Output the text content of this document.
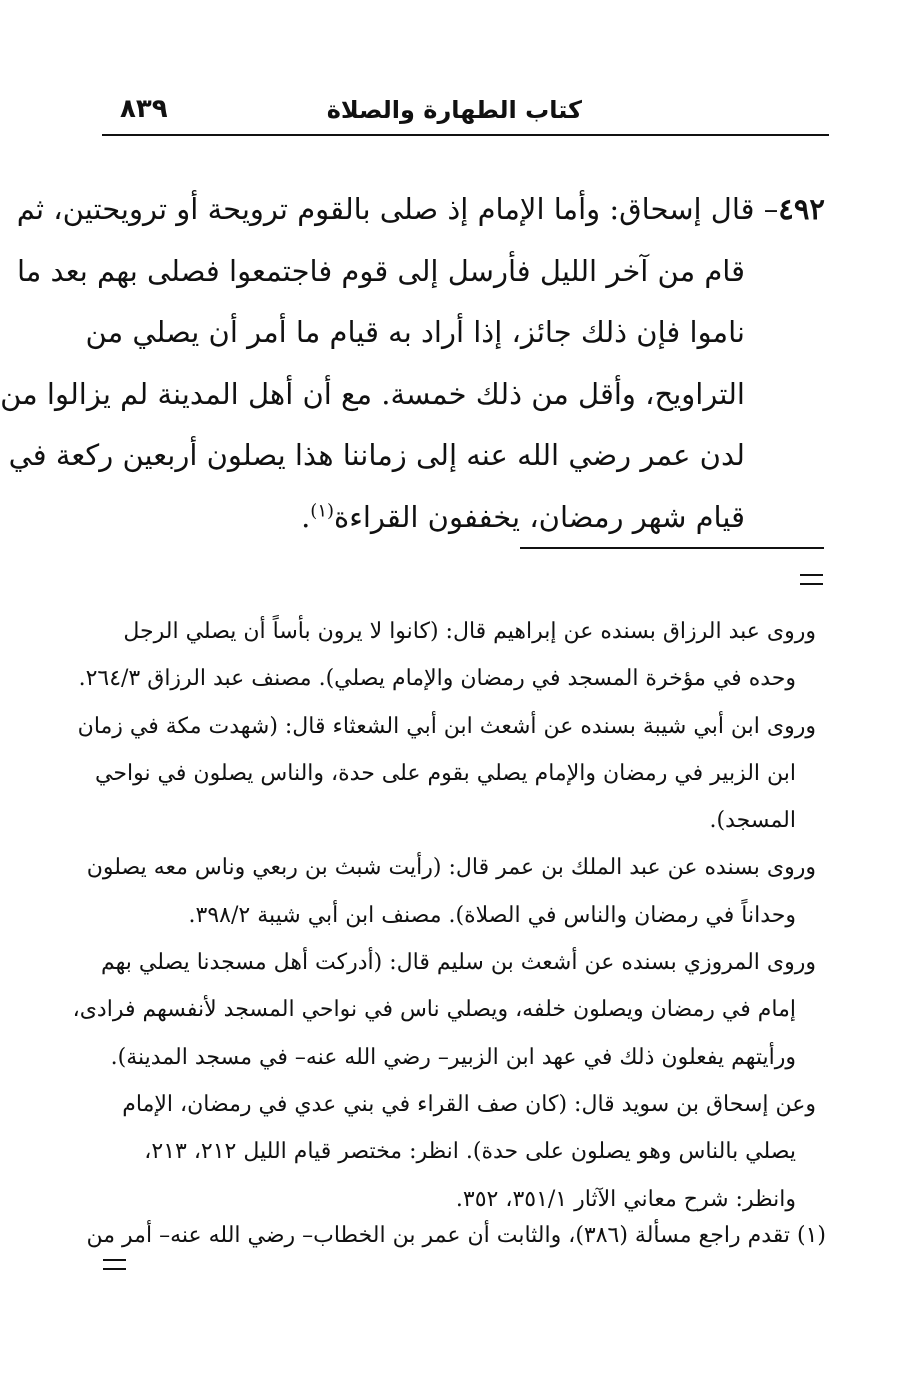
كتاب الطهارة والصلاة
٨٣٩
٤٩٢– قال إسحاق: وأما الإمام إذ صلى بالقوم ترويحة أو ترويحتين، ثم
قام من آخر الليل فأرسل إلى قوم فاجتمعوا فصلى بهم بعد ما
ناموا فإن ذلك جائز، إذا أراد به قيام ما أمر أن يصلي من
التراويح، وأقل من ذلك خمسة. مع أن أهل المدينة لم يزالوا من
لدن عمر رضي الله عنه إلى زماننا هذا يصلون أربعين ركعة في
قيام شهر رمضان، يخففون القراءة$^{(١)}$.
وروى عبد الرزاق بسنده عن إبراهيم قال: (كانوا لا يرون بأساً أن يصلي الرجل
وحده في مؤخرة المسجد في رمضان والإمام يصلي). مصنف عبد الرزاق ٢٦٤/٣.
وروى ابن أبي شيبة بسنده عن أشعث ابن أبي الشعثاء قال: (شهدت مكة في زمان
ابن الزبير في رمضان والإمام يصلي بقوم على حدة، والناس يصلون في نواحي
المسجد).
وروى بسنده عن عبد الملك بن عمر قال: (رأيت شبث بن ربعي وناس معه يصلون
وحداناً في رمضان والناس في الصلاة). مصنف ابن أبي شيبة ٣٩٨/٢.
وروى المروزي بسنده عن أشعث بن سليم قال: (أدركت أهل مسجدنا يصلي بهم
إمام في رمضان ويصلون خلفه، ويصلي ناس في نواحي المسجد لأنفسهم فرادى،
ورأيتهم يفعلون ذلك في عهد ابن الزبير– رضي الله عنه– في مسجد المدينة).
وعن إسحاق بن سويد قال: (كان صف القراء في بني عدي في رمضان، الإمام
يصلي بالناس وهو يصلون على حدة). انظر: مختصر قيام الليل ٢١٢، ٢١٣،
وانظر: شرح معاني الآثار ٣٥١/١، ٣٥٢.
(١) تقدم راجع مسألة (٣٨٦)، والثابت أن عمر بن الخطاب– رضي الله عنه– أمر من
